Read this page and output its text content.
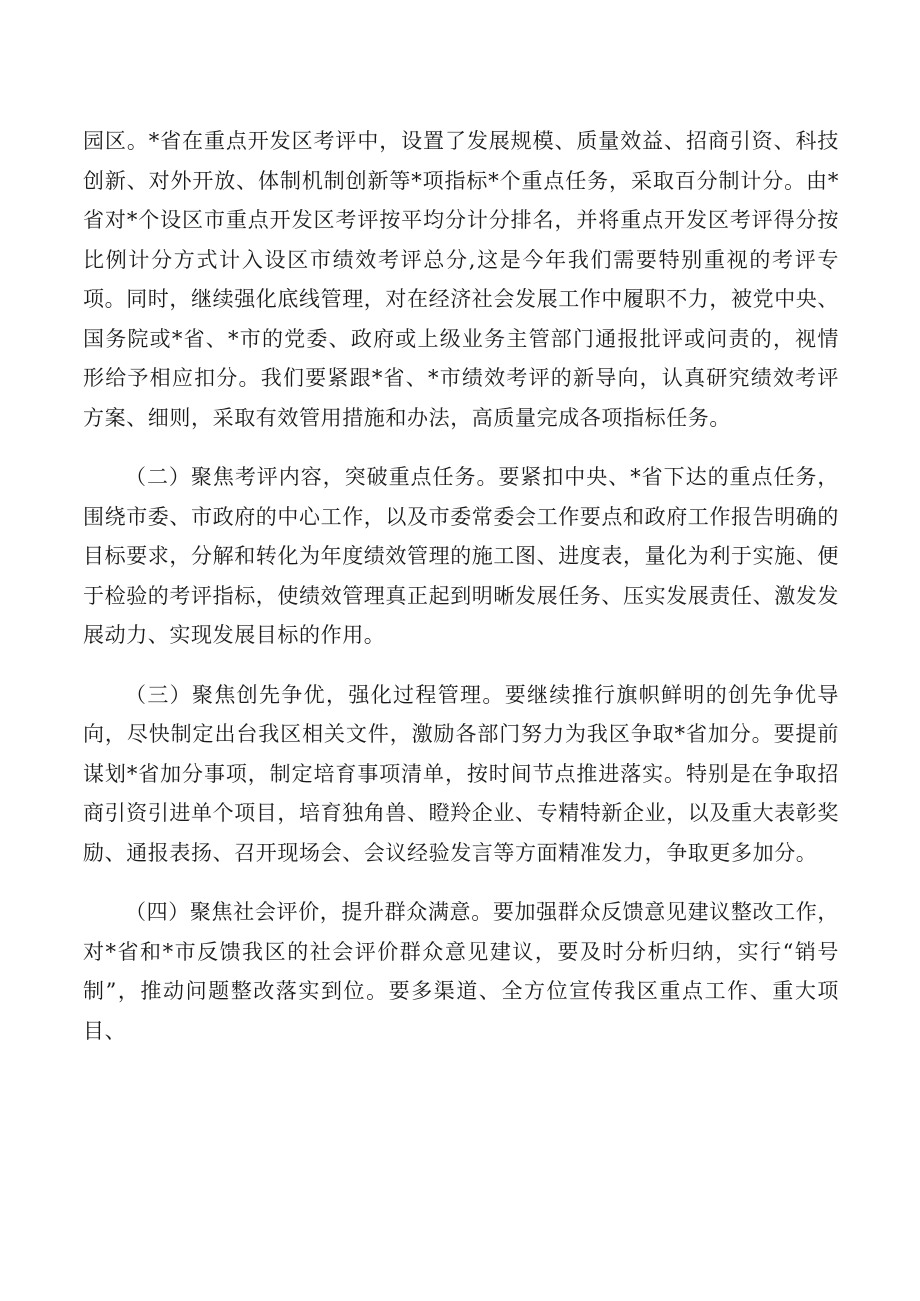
园区。*省在重点开发区考评中，设置了发展规模、质量效益、招商引资、科技创新、对外开放、体制机制创新等*项指标*个重点任务，采取百分制计分。由*省对*个设区市重点开发区考评按平均分计分排名，并将重点开发区考评得分按比例计分方式计入设区市绩效考评总分,这是今年我们需要特别重视的考评专项。同时，继续强化底线管理，对在经济社会发展工作中履职不力，被党中央、国务院或*省、*市的党委、政府或上级业务主管部门通报批评或问责的，视情形给予相应扣分。我们要紧跟*省、*市绩效考评的新导向，认真研究绩效考评方案、细则，采取有效管用措施和办法，高质量完成各项指标任务。

（二）聚焦考评内容，突破重点任务。要紧扣中央、*省下达的重点任务，围绕市委、市政府的中心工作，以及市委常委会工作要点和政府工作报告明确的目标要求，分解和转化为年度绩效管理的施工图、进度表，量化为利于实施、便于检验的考评指标，使绩效管理真正起到明晰发展任务、压实发展责任、激发发展动力、实现发展目标的作用。

（三）聚焦创先争优，强化过程管理。要继续推行旗帜鲜明的创先争优导向，尽快制定出台我区相关文件，激励各部门努力为我区争取*省加分。要提前谋划*省加分事项，制定培育事项清单，按时间节点推进落实。特别是在争取招商引资引进单个项目，培育独角兽、瞪羚企业、专精特新企业，以及重大表彰奖励、通报表扬、召开现场会、会议经验发言等方面精准发力，争取更多加分。

（四）聚焦社会评价，提升群众满意。要加强群众反馈意见建议整改工作，对*省和*市反馈我区的社会评价群众意见建议，要及时分析归纳，实行“销号制”，推动问题整改落实到位。要多渠道、全方位宣传我区重点工作、重大项目、
